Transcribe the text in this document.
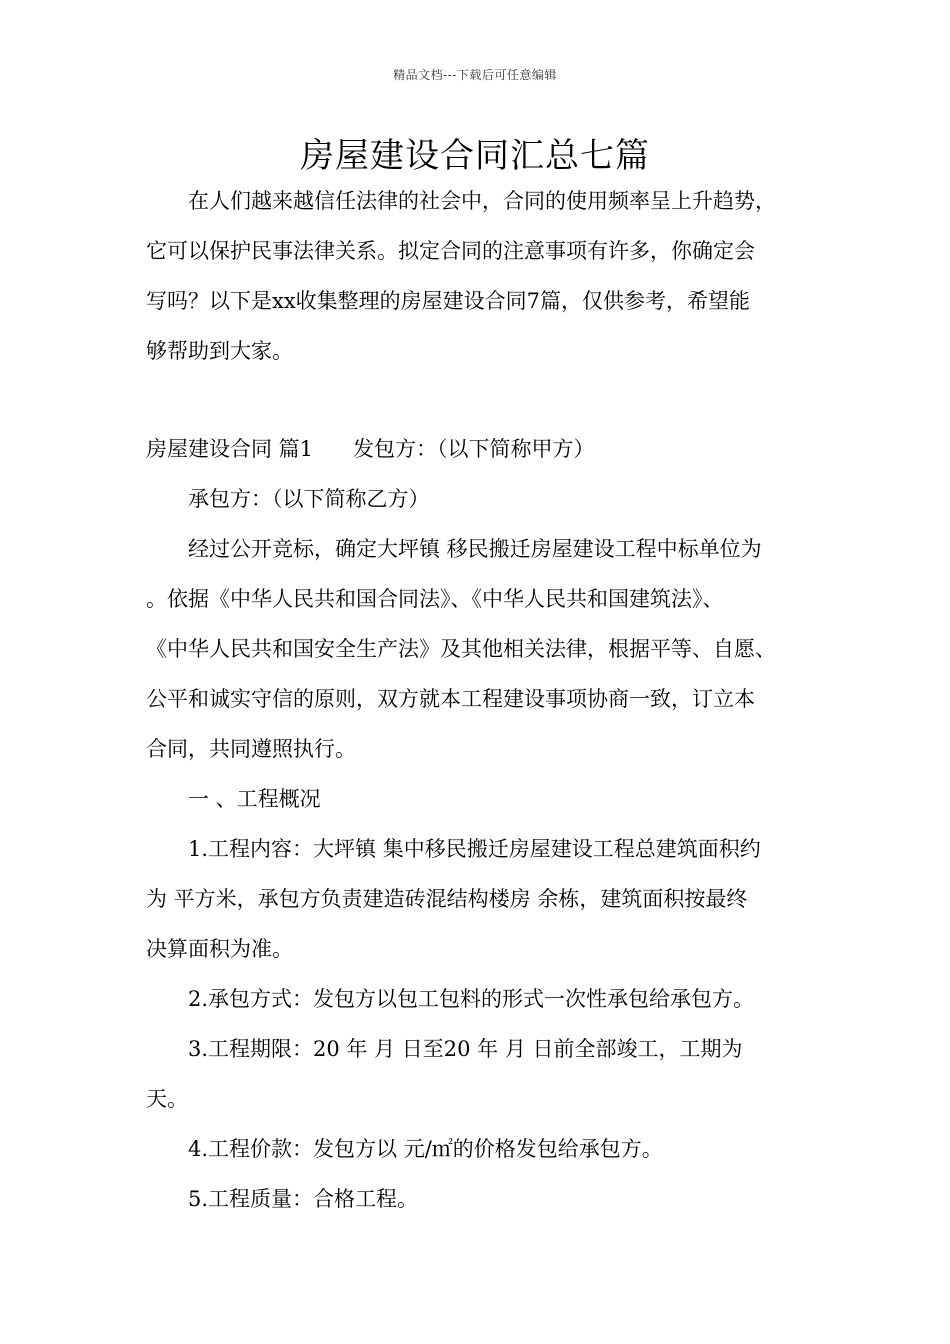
精品文档---下载后可任意编辑
房屋建设合同汇总七篇

在人们越来越信任法律的社会中，合同的使用频率呈上升趋势，

它可以保护民事法律关系。拟定合同的注意事项有许多，你确定会

写吗？以下是xx收集整理的房屋建设合同7篇，仅供参考，希望能

够帮助到大家。

房屋建设合同 篇1 发包方：（以下简称甲方）

承包方：（以下简称乙方）

经过公开竞标，确定大坪镇 移民搬迁房屋建设工程中标单位为

。依据《中华人民共和国合同法》、《中华人民共和国建筑法》、

《中华人民共和国安全生产法》及其他相关法律，根据平等、自愿、

公平和诚实守信的原则，双方就本工程建设事项协商一致，订立本

合同，共同遵照执行。

一 、工程概况

1.工程内容：大坪镇 集中移民搬迁房屋建设工程总建筑面积约

为 平方米，承包方负责建造砖混结构楼房 余栋，建筑面积按最终

决算面积为准。

2.承包方式：发包方以包工包料的形式一次性承包给承包方。

3.工程期限：20 年 月 日至20 年 月 日前全部竣工，工期为

天。

4.工程价款：发包方以 元/㎡的价格发包给承包方。

5.工程质量：合格工程。
